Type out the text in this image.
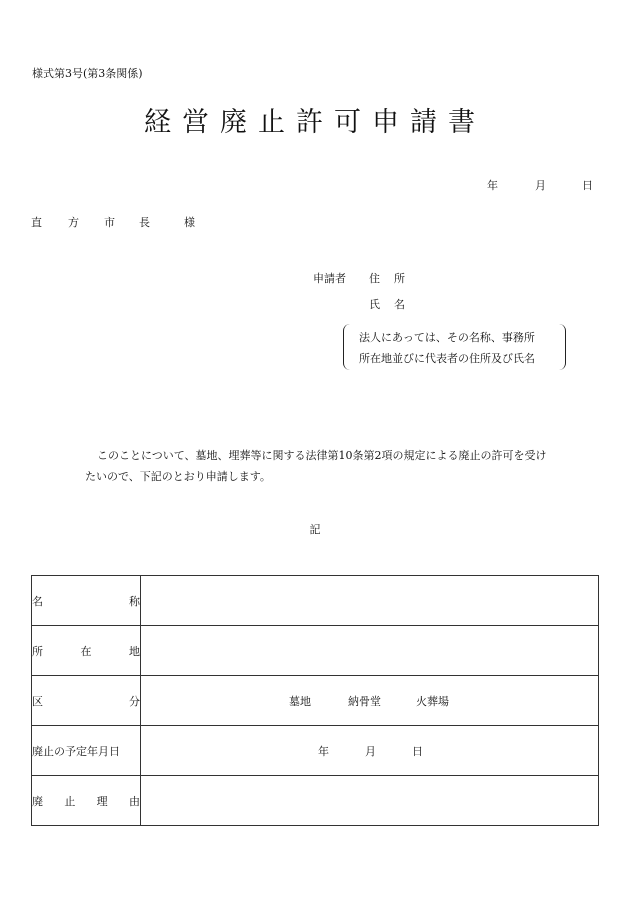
様式第3号(第3条関係)
経営廃止許可申請書
年	月	日
直 方 市 長	様
申請者 住 所
氏 名
法人にあっては、その名称、事務所
所在地並びに代表者の住所及び氏名
このことについて、墓地、埋葬等に関する法律第10条第2項の規定による廃止の許可を受け
たいので、下記のとおり申請します。
記
名 称	

所 在 地	

区 分	墓地 納骨堂 火葬場

廃止の予定年月日	年 月 日

廃 止 理 由	
